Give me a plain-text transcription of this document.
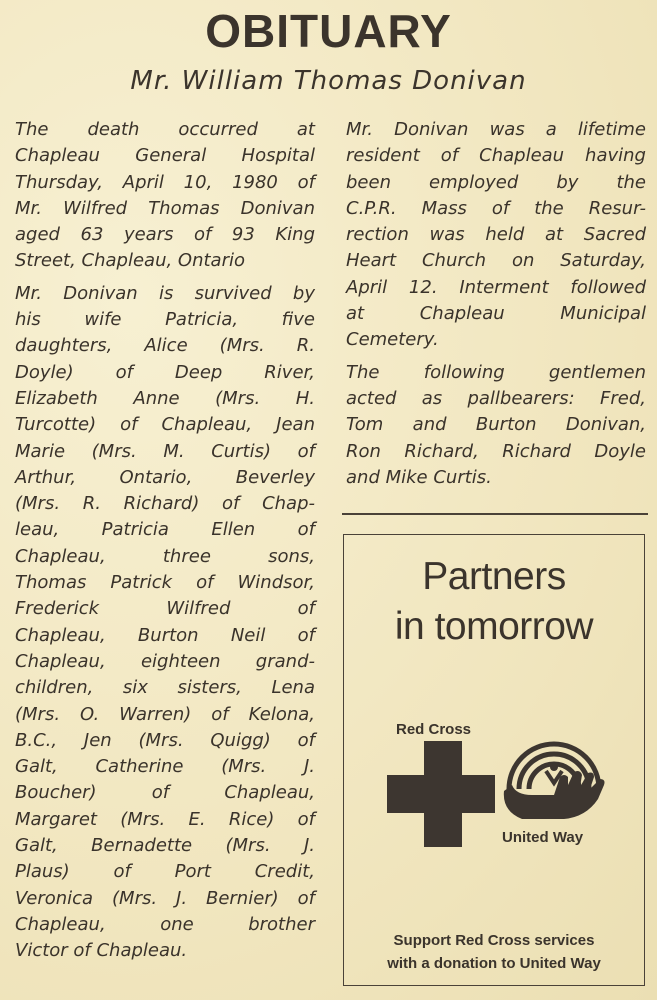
OBITUARY
Mr. William Thomas Donivan

The death occurred at
Chapleau General Hospital
Thursday, April 10, 1980 of
Mr. Wilfred Thomas Donivan
aged 63 years of 93 King
Street, Chapleau, Ontario

Mr. Donivan is survived by
his wife Patricia, five
daughters, Alice (Mrs. R.
Doyle) of Deep River,
Elizabeth Anne (Mrs. H.
Turcotte) of Chapleau, Jean
Marie (Mrs. M. Curtis) of
Arthur, Ontario, Beverley
(Mrs. R. Richard) of Chap-
leau, Patricia Ellen of
Chapleau, three sons,
Thomas Patrick of Windsor,
Frederick Wilfred of
Chapleau, Burton Neil of
Chapleau, eighteen grand-
children, six sisters, Lena
(Mrs. O. Warren) of Kelona,
B.C., Jen (Mrs. Quigg) of
Galt, Catherine (Mrs. J.
Boucher) of Chapleau,
Margaret (Mrs. E. Rice) of
Galt, Bernadette (Mrs. J.
Plaus) of Port Credit,
Veronica (Mrs. J. Bernier) of
Chapleau, one brother
Victor of Chapleau.

Mr. Donivan was a lifetime
resident of Chapleau having
been employed by the
C.P.R. Mass of the Resur-
rection was held at Sacred
Heart Church on Saturday,
April 12. Interment followed
at Chapleau Municipal
Cemetery.

The following gentlemen
acted as pallbearers: Fred,
Tom and Burton Donivan,
Ron Richard, Richard Doyle
and Mike Curtis.

Partners
in tomorrow
Red Cross
United Way
Support Red Cross services
with a donation to United Way
